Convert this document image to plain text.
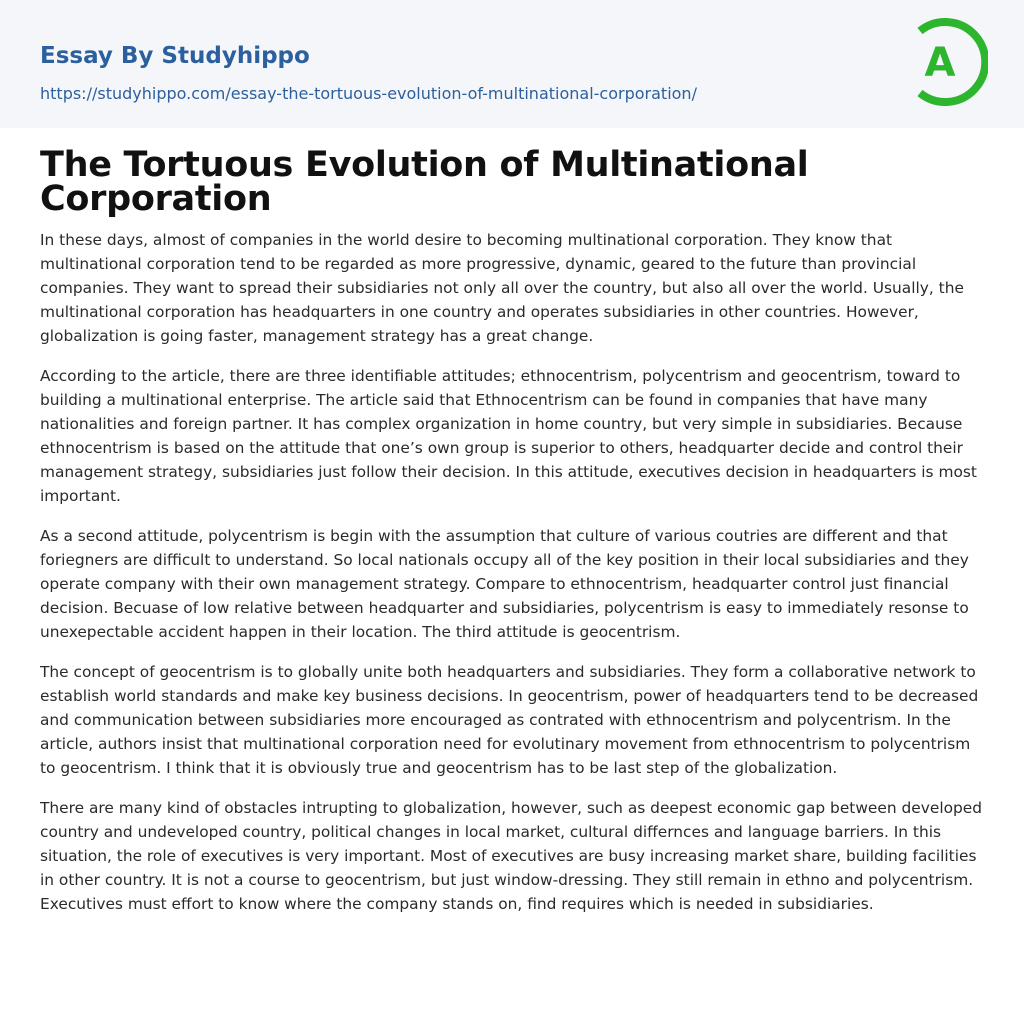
Essay By Studyhippo
https://studyhippo.com/essay-the-tortuous-evolution-of-multinational-corporation/
A
The Tortuous Evolution of Multinational Corporation

In these days, almost of companies in the world desire to becoming multinational corporation. They know that multinational corporation tend to be regarded as more progressive, dynamic, geared to the future than provincial companies. They want to spread their subsidiaries not only all over the country, but also all over the world. Usually, the multinational corporation has headquarters in one country and operates subsidiaries in other countries. However, globalization is going faster, management strategy has a great change.

According to the article, there are three identifiable attitudes; ethnocentrism, polycentrism and geocentrism, toward to building a multinational enterprise. The article said that Ethnocentrism can be found in companies that have many nationalities and foreign partner. It has complex organization in home country, but very simple in subsidiaries. Because ethnocentrism is based on the attitude that one’s own group is superior to others, headquarter decide and control their management strategy, subsidiaries just follow their decision. In this attitude, executives decision in headquarters is most important.

As a second attitude, polycentrism is begin with the assumption that culture of various coutries are different and that foriegners are difficult to understand. So local nationals occupy all of the key position in their local subsidiaries and they operate company with their own management strategy. Compare to ethnocentrism, headquarter control just financial decision. Becuase of low relative between headquarter and subsidiaries, polycentrism is easy to immediately resonse to unexepectable accident happen in their location. The third attitude is geocentrism.

The concept of geocentrism is to globally unite both headquarters and subsidiaries. They form a collaborative network to establish world standards and make key business decisions. In geocentrism, power of headquarters tend to be decreased and communication between subsidiaries more encouraged as contrated with ethnocentrism and polycentrism. In the article, authors insist that multinational corporation need for evolutinary movement from ethnocentrism to polycentrism to geocentrism. I think that it is obviously true and geocentrism has to be last step of the globalization.

There are many kind of obstacles intrupting to globalization, however, such as deepest economic gap between developed country and undeveloped country, political changes in local market, cultural differnces and language barriers. In this situation, the role of executives is very important. Most of executives are busy increasing market share, building facilities in other country. It is not a course to geocentrism, but just window-dressing. They still remain in ethno and polycentrism. Executives must effort to know where the company stands on, find requires which is needed in subsidiaries.
